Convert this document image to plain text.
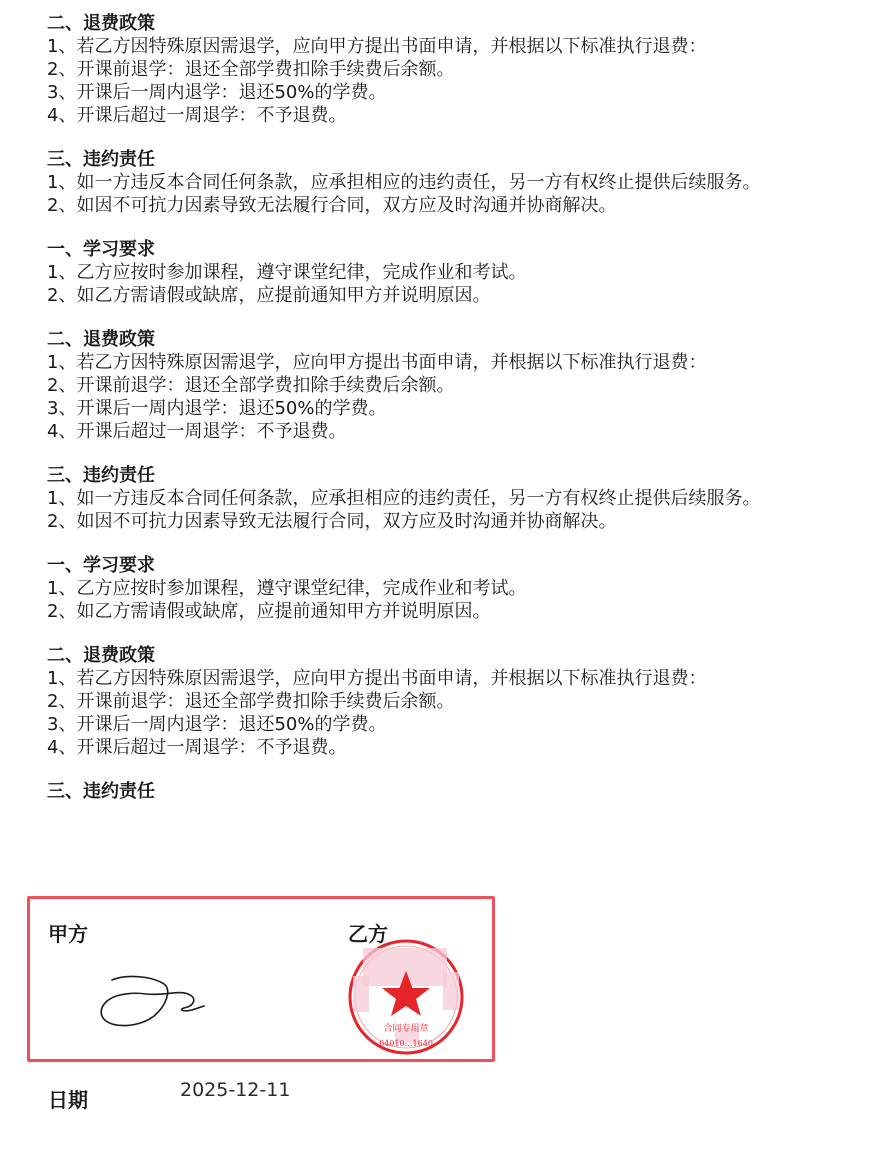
二、退费政策
1、若乙方因特殊原因需退学，应向甲方提出书面申请，并根据以下标准执行退费：
2、开课前退学：退还全部学费扣除手续费后余额。
3、开课后一周内退学：退还50%的学费。
4、开课后超过一周退学：不予退费。
三、违约责任
1、如一方违反本合同任何条款，应承担相应的违约责任，另一方有权终止提供后续服务。
2、如因不可抗力因素导致无法履行合同，双方应及时沟通并协商解决。
一、学习要求
1、乙方应按时参加课程，遵守课堂纪律，完成作业和考试。
2、如乙方需请假或缺席，应提前通知甲方并说明原因。
二、退费政策
1、若乙方因特殊原因需退学，应向甲方提出书面申请，并根据以下标准执行退费：
2、开课前退学：退还全部学费扣除手续费后余额。
3、开课后一周内退学：退还50%的学费。
4、开课后超过一周退学：不予退费。
三、违约责任
1、如一方违反本合同任何条款，应承担相应的违约责任，另一方有权终止提供后续服务。
2、如因不可抗力因素导致无法履行合同，双方应及时沟通并协商解决。
一、学习要求
1、乙方应按时参加课程，遵守课堂纪律，完成作业和考试。
2、如乙方需请假或缺席，应提前通知甲方并说明原因。
二、退费政策
1、若乙方因特殊原因需退学，应向甲方提出书面申请，并根据以下标准执行退费：
2、开课前退学：退还全部学费扣除手续费后余额。
3、开课后一周内退学：退还50%的学费。
4、开课后超过一周退学：不予退费。
三、违约责任
甲方	乙方
合同专用章
64010…1640
日期	2025-12-11
